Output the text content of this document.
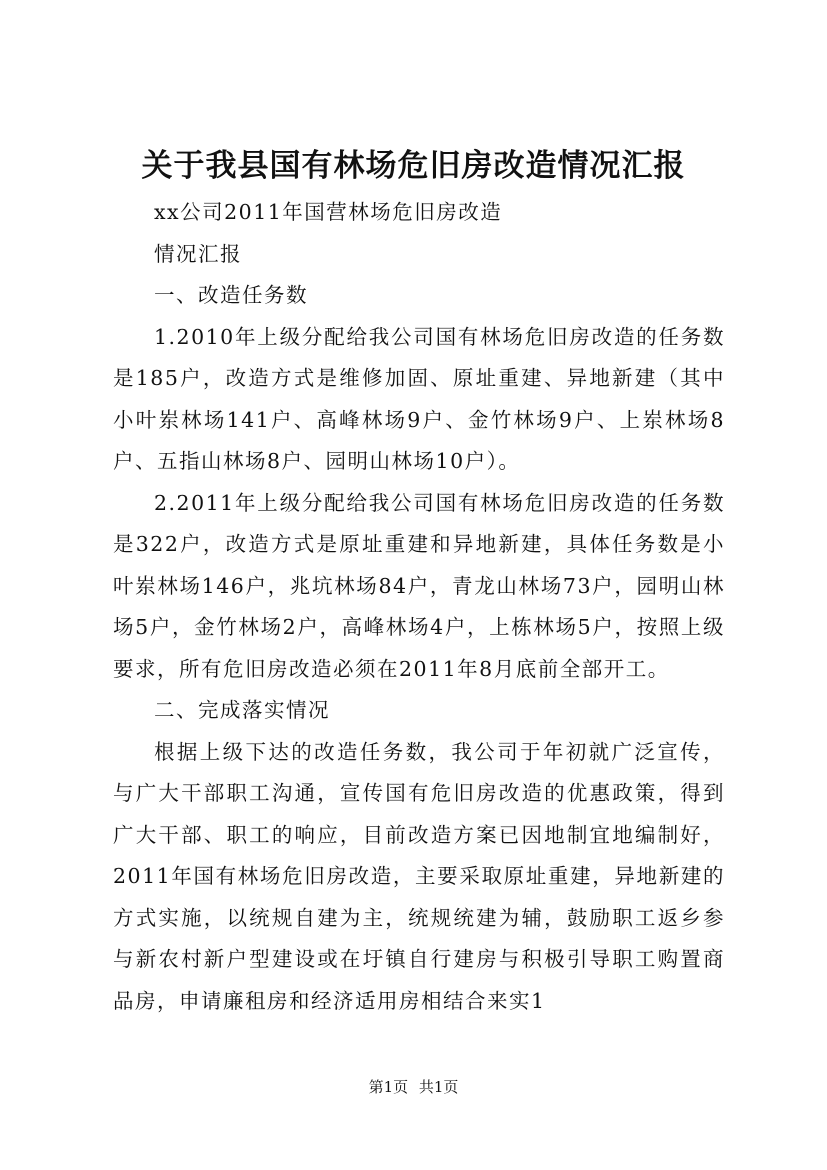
关于我县国有林场危旧房改造情况汇报

xx公司2011年国营林场危旧房改造

情况汇报

一、改造任务数

1.2010年上级分配给我公司国有林场危旧房改造的任务数是185户，改造方式是维修加固、原址重建、异地新建（其中小叶岽林场141户、高峰林场9户、金竹林场9户、上岽林场8户、五指山林场8户、园明山林场10户）。

2.2011年上级分配给我公司国有林场危旧房改造的任务数是322户，改造方式是原址重建和异地新建，具体任务数是小叶岽林场146户，兆坑林场84户，青龙山林场73户，园明山林场5户，金竹林场2户，高峰林场4户，上栋林场5户，按照上级要求，所有危旧房改造必须在2011年8月底前全部开工。

二、完成落实情况

根据上级下达的改造任务数，我公司于年初就广泛宣传，与广大干部职工沟通，宣传国有危旧房改造的优惠政策，得到广大干部、职工的响应，目前改造方案已因地制宜地编制好，2011年国有林场危旧房改造，主要采取原址重建，异地新建的方式实施，以统规自建为主，统规统建为辅，鼓励职工返乡参与新农村新户型建设或在圩镇自行建房与积极引导职工购置商品房，申请廉租房和经济适用房相结合来实1

第1页 共1页
